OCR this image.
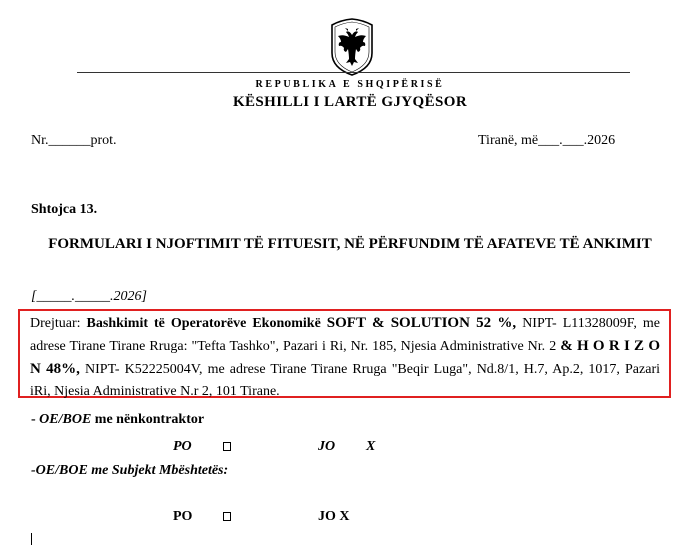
REPUBLIKA E SHQIPËRISË
KËSHILLI I LARTË GJYQËSOR
Nr.______prot.	Tiranë, më___.___.2026
Shtojca 13.
FORMULARI I NJOFTIMIT TË FITUESIT, NË PËRFUNDIM TË AFATEVE TË ANKIMIT
[_____._____.2026]
Drejtuar: Bashkimit të Operatorëve Ekonomikë SOFT & SOLUTION 52 %, NIPT- L11328009F, me adrese Tirane Tirane Rruga: "Tefta Tashko", Pazari i Ri, Nr. 185, Njesia Administrative Nr. 2 & H O R I Z O N 48%, NIPT- K52225004V, me adrese Tirane Tirane Rruga "Beqir Luga", Nd.8/1, H.7, Ap.2, 1017, Pazari iRi, Njesia Administrative N.r 2, 101 Tirane.
- OE/BOE me nënkontraktor
PO	JO X
-OE/BOE me Subjekt Mbështetës:
PO	JO X
